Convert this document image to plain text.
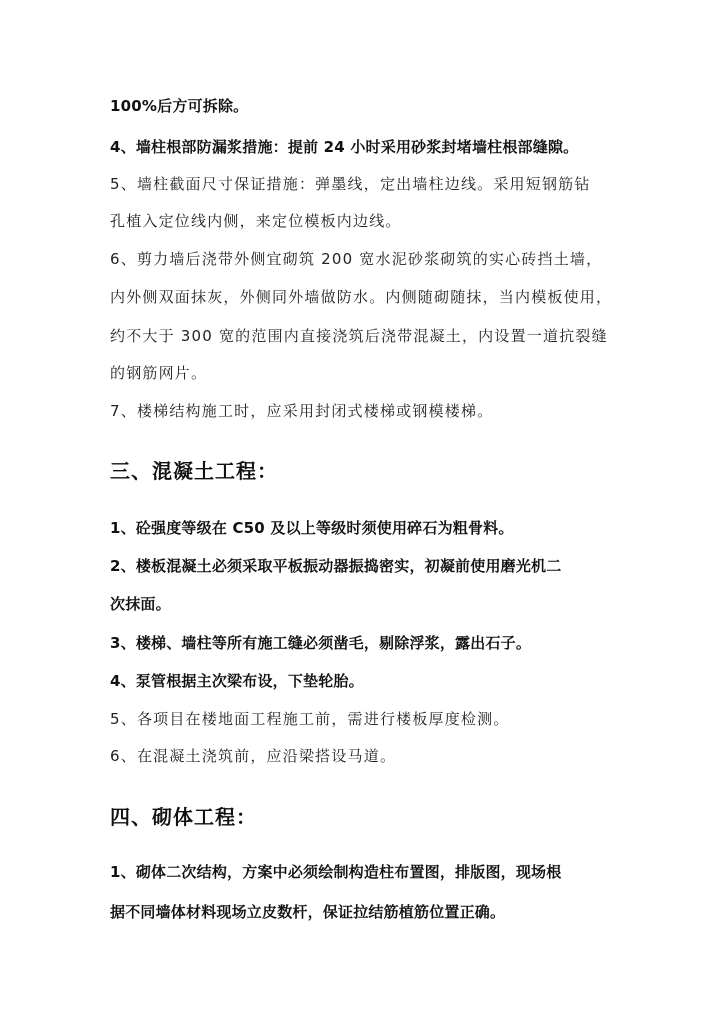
100%后方可拆除。
4、墙柱根部防漏浆措施：提前 24 小时采用砂浆封堵墙柱根部缝隙。
5、墙柱截面尺寸保证措施：弹墨线，定出墙柱边线。采用短钢筋钻
孔植入定位线内侧，来定位模板内边线。
6、剪力墙后浇带外侧宜砌筑 200 宽水泥砂浆砌筑的实心砖挡土墙，
内外侧双面抹灰，外侧同外墙做防水。内侧随砌随抹，当内模板使用，
约不大于 300 宽的范围内直接浇筑后浇带混凝土，内设置一道抗裂缝
的钢筋网片。
7、楼梯结构施工时，应采用封闭式楼梯或钢模楼梯。
三、混凝土工程：
1、砼强度等级在 C50 及以上等级时须使用碎石为粗骨料。
2、楼板混凝土必须采取平板振动器振捣密实，初凝前使用磨光机二
次抹面。
3、楼梯、墙柱等所有施工缝必须凿毛，剔除浮浆，露出石子。
4、泵管根据主次梁布设，下垫轮胎。
5、各项目在楼地面工程施工前，需进行楼板厚度检测。
6、在混凝土浇筑前，应沿梁搭设马道。
四、砌体工程：
1、砌体二次结构，方案中必须绘制构造柱布置图，排版图，现场根
据不同墙体材料现场立皮数杆，保证拉结筋植筋位置正确。
